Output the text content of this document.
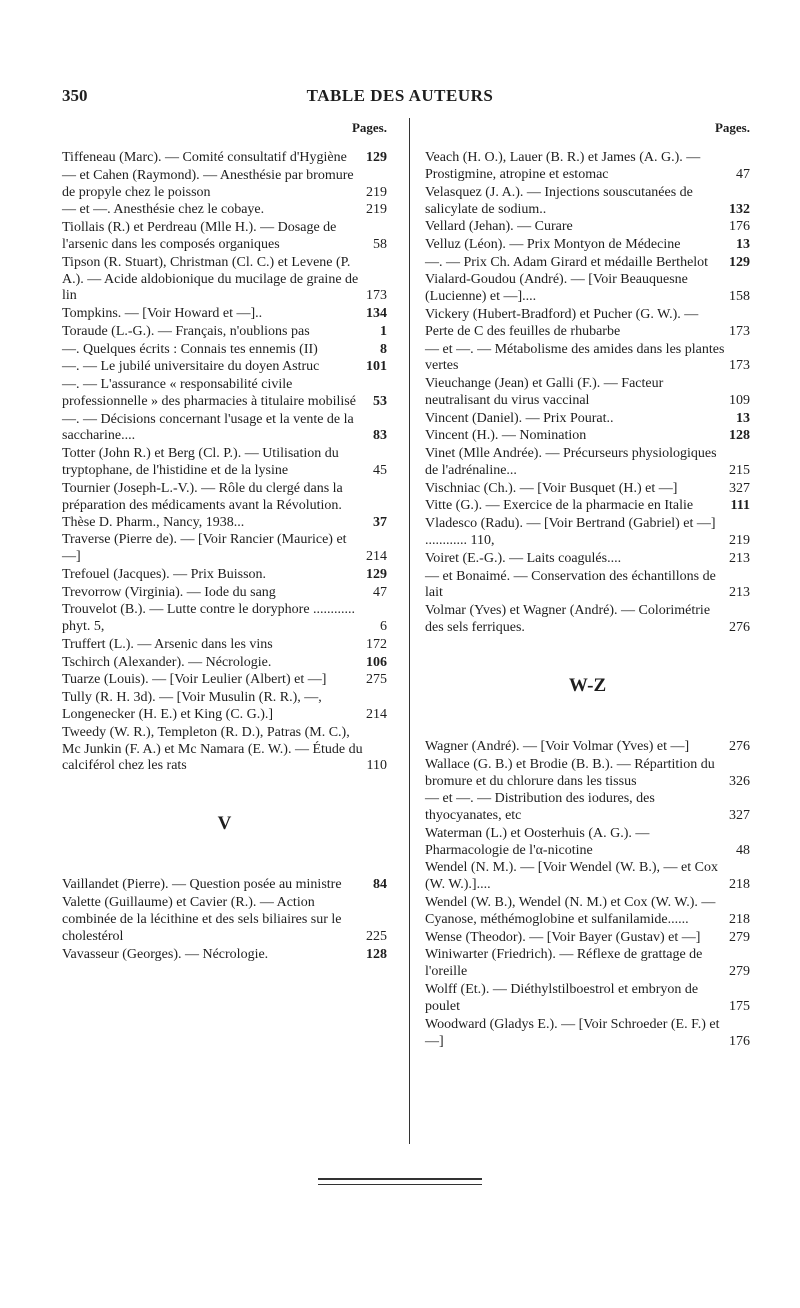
350	TABLE DES AUTEURS
Pages.
Tiffeneau (Marc). — Comité consultatif d'Hygiène	129
— et Cahen (Raymond). — Anesthésie par bromure de propyle chez le poisson	219
— et —. Anesthésie chez le cobaye.	219
Tiollais (R.) et Perdreau (Mlle H.). — Dosage de l'arsenic dans les composés organiques	58
Tipson (R. Stuart), Christman (Cl. C.) et Levene (P. A.). — Acide aldobionique du mucilage de graine de lin	173
Tompkins. — [Voir Howard et —]..	134
Toraude (L.-G.). — Français, n'oublions pas	1
—. Quelques écrits : Connais tes ennemis (II)	8
—. — Le jubilé universitaire du doyen Astruc	101
—. — L'assurance « responsabilité civile professionnelle » des pharmacies à titulaire mobilisé	53
—. — Décisions concernant l'usage et la vente de la saccharine....	83
Totter (John R.) et Berg (Cl. P.). — Utilisation du tryptophane, de l'histidine et de la lysine	45
Tournier (Joseph-L.-V.). — Rôle du clergé dans la préparation des médicaments avant la Révolution. Thèse D. Pharm., Nancy, 1938...	37
Traverse (Pierre de). — [Voir Rancier (Maurice) et —]	214
Trefouel (Jacques). — Prix Buisson.	129
Trevorrow (Virginia). — Iode du sang	47
Trouvelot (B.). — Lutte contre le doryphore ............ phyt. 5,	6
Truffert (L.). — Arsenic dans les vins	172
Tschirch (Alexander). — Nécrologie.	106
Tuarze (Louis). — [Voir Leulier (Albert) et —]	275
Tully (R. H. 3d). — [Voir Musulin (R. R.), —, Longenecker (H. E.) et King (C. G.).]	214
Tweedy (W. R.), Templeton (R. D.), Patras (M. C.), Mc Junkin (F. A.) et Mc Namara (E. W.). — Étude du calciférol chez les rats	110
V
Vaillandet (Pierre). — Question posée au ministre	84
Valette (Guillaume) et Cavier (R.). — Action combinée de la lécithine et des sels biliaires sur le cholestérol	225
Vavasseur (Georges). — Nécrologie.	128
Pages.
Veach (H. O.), Lauer (B. R.) et James (A. G.). — Prostigmine, atropine et estomac	47
Velasquez (J. A.). — Injections souscutanées de salicylate de sodium..	132
Vellard (Jehan). — Curare	176
Velluz (Léon). — Prix Montyon de Médecine	13
—. — Prix Ch. Adam Girard et médaille Berthelot	129
Vialard-Goudou (André). — [Voir Beauquesne (Lucienne) et —]....	158
Vickery (Hubert-Bradford) et Pucher (G. W.). — Perte de C des feuilles de rhubarbe	173
— et —. — Métabolisme des amides dans les plantes vertes	173
Vieuchange (Jean) et Galli (F.). — Facteur neutralisant du virus vaccinal	109
Vincent (Daniel). — Prix Pourat..	13
Vincent (H.). — Nomination	128
Vinet (Mlle Andrée). — Précurseurs physiologiques de l'adrénaline...	215
Vischniac (Ch.). — [Voir Busquet (H.) et —]	327
Vitte (G.). — Exercice de la pharmacie en Italie	111
Vladesco (Radu). — [Voir Bertrand (Gabriel) et —] ............ 110,	219
Voiret (E.-G.). — Laits coagulés....	213
— et Bonaimé. — Conservation des échantillons de lait	213
Volmar (Yves) et Wagner (André). — Colorimétrie des sels ferriques.	276
W-Z
Wagner (André). — [Voir Volmar (Yves) et —]	276
Wallace (G. B.) et Brodie (B. B.). — Répartition du bromure et du chlorure dans les tissus	326
— et —. — Distribution des iodures, des thyocyanates, etc	327
Waterman (L.) et Oosterhuis (A. G.). — Pharmacologie de l'α-nicotine	48
Wendel (N. M.). — [Voir Wendel (W. B.), — et Cox (W. W.).]....	218
Wendel (W. B.), Wendel (N. M.) et Cox (W. W.). — Cyanose, méthémoglobine et sulfanilamide......	218
Wense (Theodor). — [Voir Bayer (Gustav) et —]	279
Winiwarter (Friedrich). — Réflexe de grattage de l'oreille	279
Wolff (Et.). — Diéthylstilboestrol et embryon de poulet	175
Woodward (Gladys E.). — [Voir Schroeder (E. F.) et —]	176
